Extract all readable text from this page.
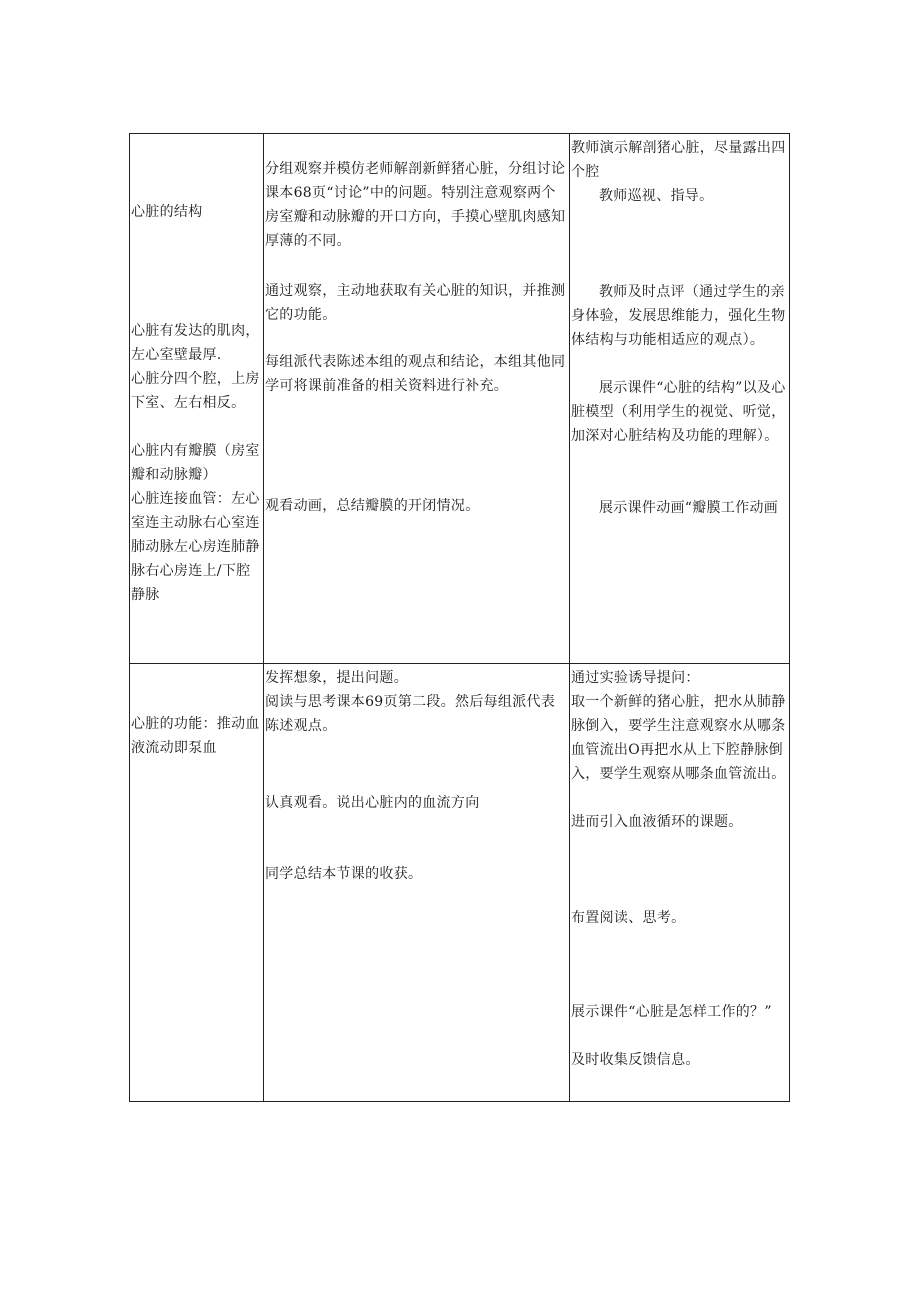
心脏的结构

心脏有发达的肌肉，左心室壁最厚.

心脏分四个腔，上房下室、左右相反。

心脏内有瓣膜（房室瓣和动脉瓣）

心脏连接血管：左心室连主动脉右心室连肺动脉左心房连肺静脉右心房连上/下腔静脉

分组观察并模仿老师解剖新鲜猪心脏，分组讨论课本68页“讨论”中的问题。特别注意观察两个房室瓣和动脉瓣的开口方向，手摸心壁肌肉感知厚薄的不同。

通过观察，主动地获取有关心脏的知识，并推测它的功能。

每组派代表陈述本组的观点和结论，本组其他同学可将课前准备的相关资料进行补充。

观看动画，总结瓣膜的开闭情况。

教师演示解剖猪心脏，尽量露出四个腔

教师巡视、指导。

教师及时点评（通过学生的亲身体验，发展思维能力，强化生物体结构与功能相适应的观点）。

展示课件“心脏的结构”以及心脏模型（利用学生的视觉、听觉，加深对心脏结构及功能的理解）。

展示课件动画“瓣膜工作动画

心脏的功能：推动血液流动即泵血

发挥想象，提出问题。

阅读与思考课本69页第二段。然后每组派代表陈述观点。

认真观看。说出心脏内的血流方向

同学总结本节课的收获。

通过实验诱导提问：

取一个新鲜的猪心脏，把水从肺静脉倒入，要学生注意观察水从哪条血管流出O再把水从上下腔静脉倒入，要学生观察从哪条血管流出。

进而引入血液循环的课题。

布置阅读、思考。

展示课件“心脏是怎样工作的？”

及时收集反馈信息。
